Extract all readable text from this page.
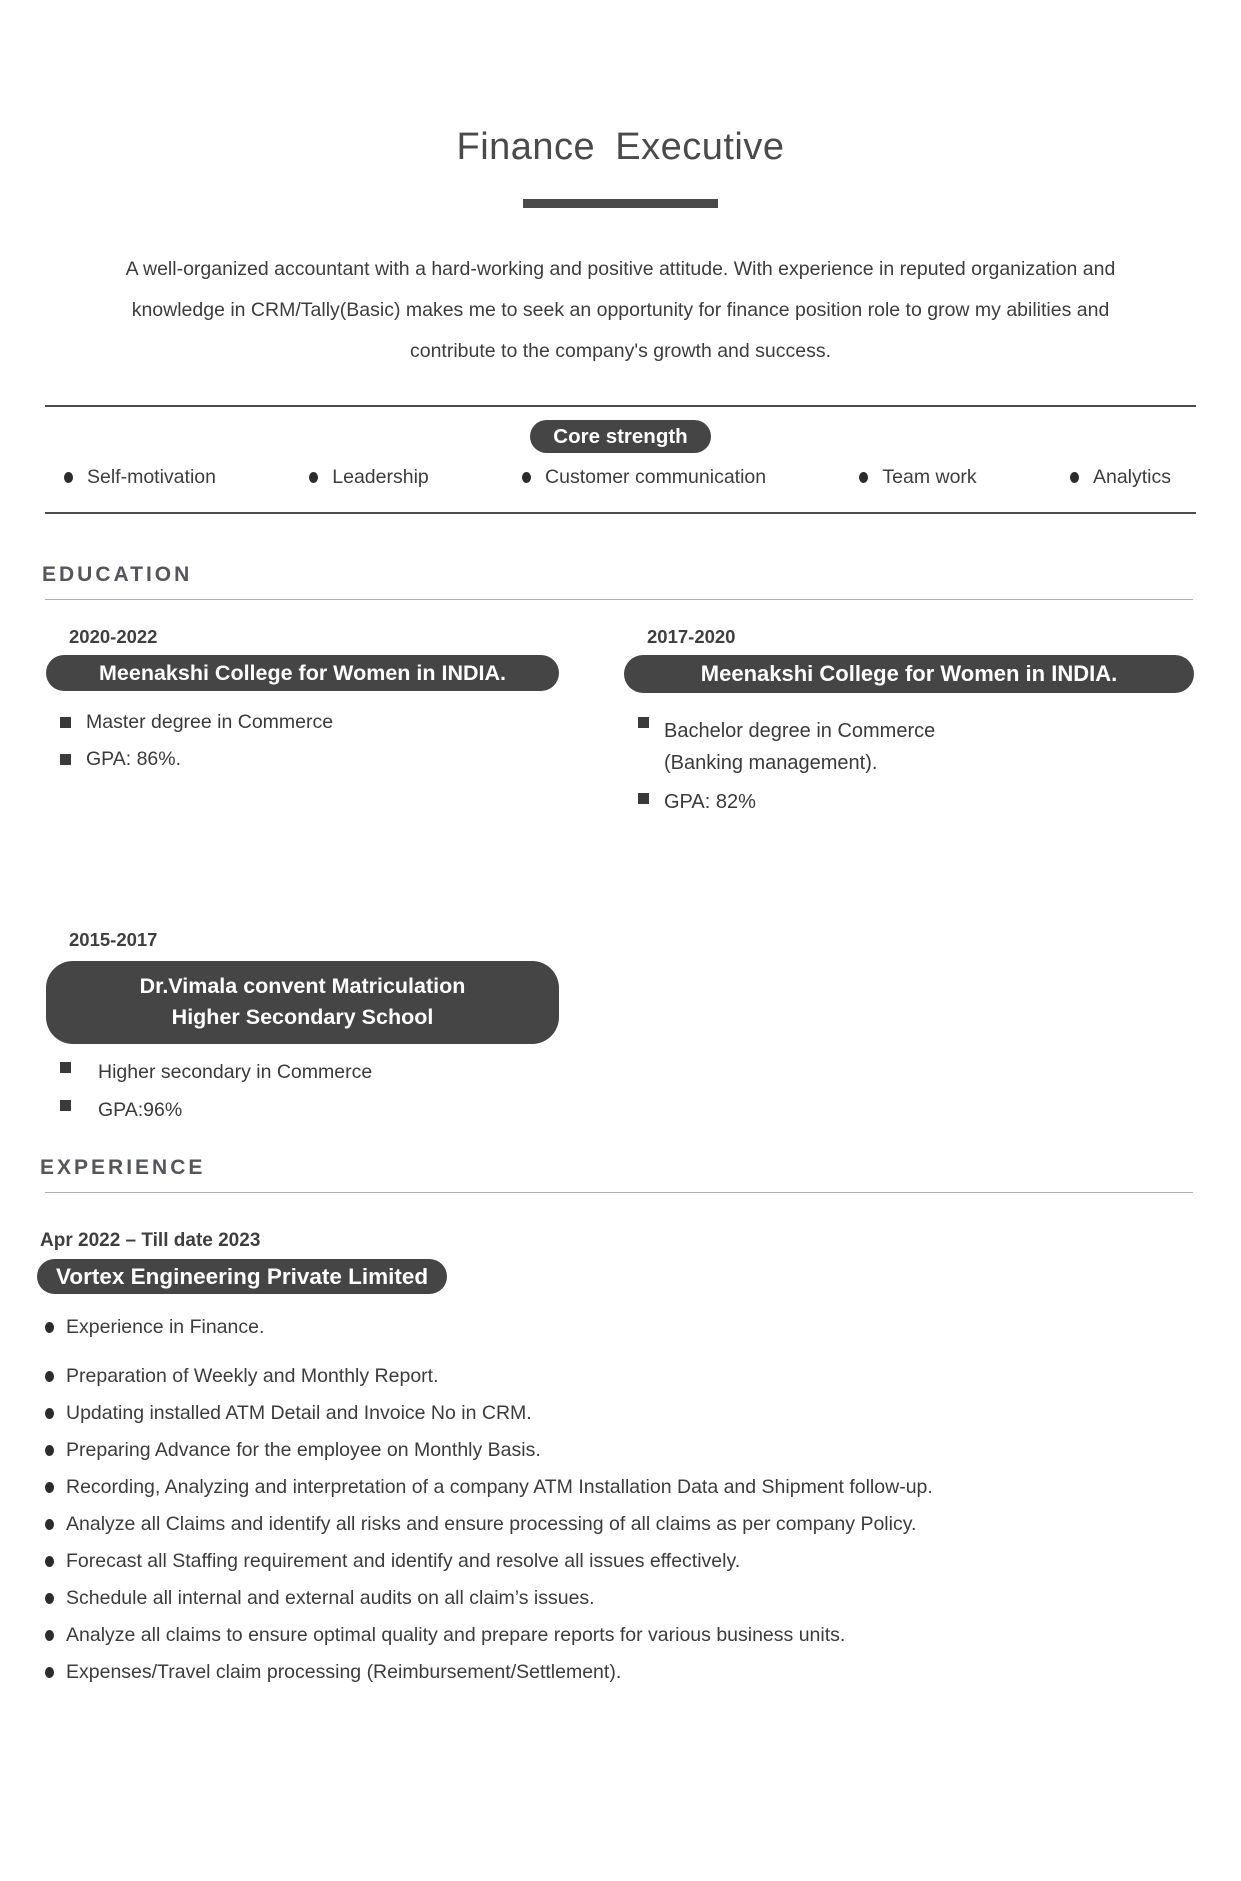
Finance Executive

A well-organized accountant with a hard-working and positive attitude. With experience in reputed organization and knowledge in CRM/Tally(Basic) makes me to seek an opportunity for finance position role to grow my abilities and contribute to the company's growth and success.

Core strength
Self-motivation	Leadership	Customer communication	Team work	Analytics
EDUCATION
2020-2022
Meenakshi College for Women in INDIA.
Master degree in Commerce
GPA: 86%.
2017-2020
Meenakshi College for Women in INDIA.
Bachelor degree in Commerce (Banking management).
GPA: 82%
2015-2017
Dr.Vimala convent Matriculation Higher Secondary School
Higher secondary in Commerce
GPA:96%
EXPERIENCE
Apr 2022 – Till date 2023
Vortex Engineering Private Limited
Experience in Finance.
Preparation of Weekly and Monthly Report.
Updating installed ATM Detail and Invoice No in CRM.
Preparing Advance for the employee on Monthly Basis.
Recording, Analyzing and interpretation of a company ATM Installation Data and Shipment follow-up.
Analyze all Claims and identify all risks and ensure processing of all claims as per company Policy.
Forecast all Staffing requirement and identify and resolve all issues effectively.
Schedule all internal and external audits on all claim’s issues.
Analyze all claims to ensure optimal quality and prepare reports for various business units.
Expenses/Travel claim processing (Reimbursement/Settlement).
